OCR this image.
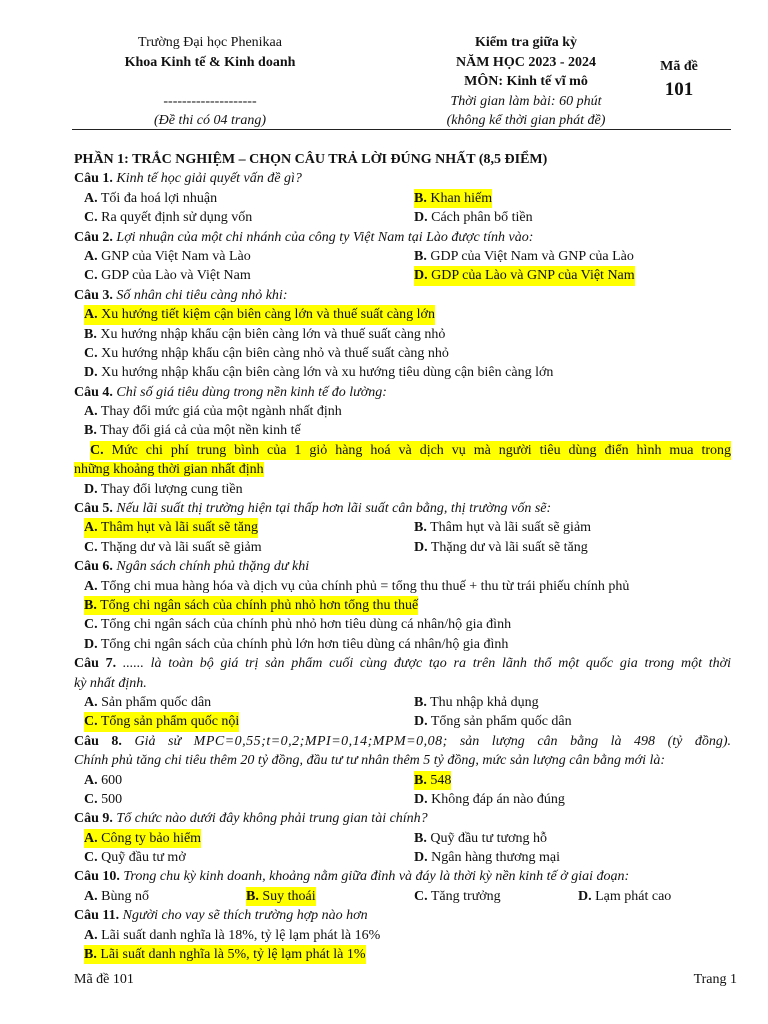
Trường Đại học Phenikaa
Khoa Kinh tế & Kinh doanh
--------------------
(Đề thi có 04 trang)
Kiểm tra giữa kỳ
NĂM HỌC 2023 - 2024
MÔN: Kinh tế vĩ mô
Thời gian làm bài: 60 phút
(không kể thời gian phát đề)
Mã đề
101
PHẦN 1: TRẮC NGHIỆM – CHỌN CÂU TRẢ LỜI ĐÚNG NHẤT (8,5 ĐIỂM)
Câu 1. Kinh tế học giải quyết vấn đề gì?
A. Tối đa hoá lợi nhuận	B. Khan hiếm
C. Ra quyết định sử dụng vốn	D. Cách phân bổ tiền
Câu 2. Lợi nhuận của một chi nhánh của công ty Việt Nam tại Lào được tính vào:
A. GNP của Việt Nam và Lào	B. GDP của Việt Nam và GNP của Lào
C. GDP của Lào và Việt Nam	D. GDP của Lào và GNP của Việt Nam
Câu 3. Số nhân chi tiêu càng nhỏ khi:
A. Xu hướng tiết kiệm cận biên càng lớn và thuế suất càng lớn
B. Xu hướng nhập khẩu cận biên càng lớn và thuế suất càng nhỏ
C. Xu hướng nhập khẩu cận biên càng nhỏ và thuế suất càng nhỏ
D. Xu hướng nhập khẩu cận biên càng lớn và xu hướng tiêu dùng cận biên càng lớn
Câu 4. Chỉ số giá tiêu dùng trong nền kinh tế đo lường:
A. Thay đổi mức giá của một ngành nhất định
B. Thay đổi giá cả của một nền kinh tế
C. Mức chi phí trung bình của 1 giỏ hàng hoá và dịch vụ mà người tiêu dùng điển hình mua trong
những khoảng thời gian nhất định
D. Thay đổi lượng cung tiền
Câu 5. Nếu lãi suất thị trường hiện tại thấp hơn lãi suất cân bằng, thị trường vốn sẽ:
A. Thâm hụt và lãi suất sẽ tăng	B. Thâm hụt và lãi suất sẽ giảm
C. Thặng dư và lãi suất sẽ giảm	D. Thặng dư và lãi suất sẽ tăng
Câu 6. Ngân sách chính phủ thặng dư khi
A. Tổng chi mua hàng hóa và dịch vụ của chính phủ = tổng thu thuế + thu từ trái phiếu chính phủ
B. Tổng chi ngân sách của chính phủ nhỏ hơn tổng thu thuế
C. Tổng chi ngân sách của chính phủ nhỏ hơn tiêu dùng cá nhân/hộ gia đình
D. Tổng chi ngân sách của chính phủ lớn hơn tiêu dùng cá nhân/hộ gia đình
Câu 7. ...... là toàn bộ giá trị sản phẩm cuối cùng được tạo ra trên lãnh thổ một quốc gia trong một thời
kỳ nhất định.
A. Sản phẩm quốc dân	B. Thu nhập khả dụng
C. Tổng sản phẩm quốc nội	D. Tổng sản phẩm quốc dân
Câu 8. Giả sử MPC=0,55;t=0,2;MPI=0,14;MPM=0,08; sản lượng cân bằng là 498 (tỷ đồng).
Chính phủ tăng chi tiêu thêm 20 tỷ đồng, đầu tư tư nhân thêm 5 tỷ đồng, mức sản lượng cân bằng mới là:
A. 600	B. 548
C. 500	D. Không đáp án nào đúng
Câu 9. Tổ chức nào dưới đây không phải trung gian tài chính?
A. Công ty bảo hiểm	B. Quỹ đầu tư tương hỗ
C. Quỹ đầu tư mở	D. Ngân hàng thương mại
Câu 10. Trong chu kỳ kinh doanh, khoảng nằm giữa đỉnh và đáy là thời kỳ nền kinh tế ở giai đoạn:
A. Bùng nổ	B. Suy thoái	C. Tăng trưởng	D. Lạm phát cao
Câu 11. Người cho vay sẽ thích trường hợp nào hơn
A. Lãi suất danh nghĩa là 18%, tỷ lệ lạm phát là 16%
B. Lãi suất danh nghĩa là 5%, tỷ lệ lạm phát là 1%
Mã đề 101	Trang 1
